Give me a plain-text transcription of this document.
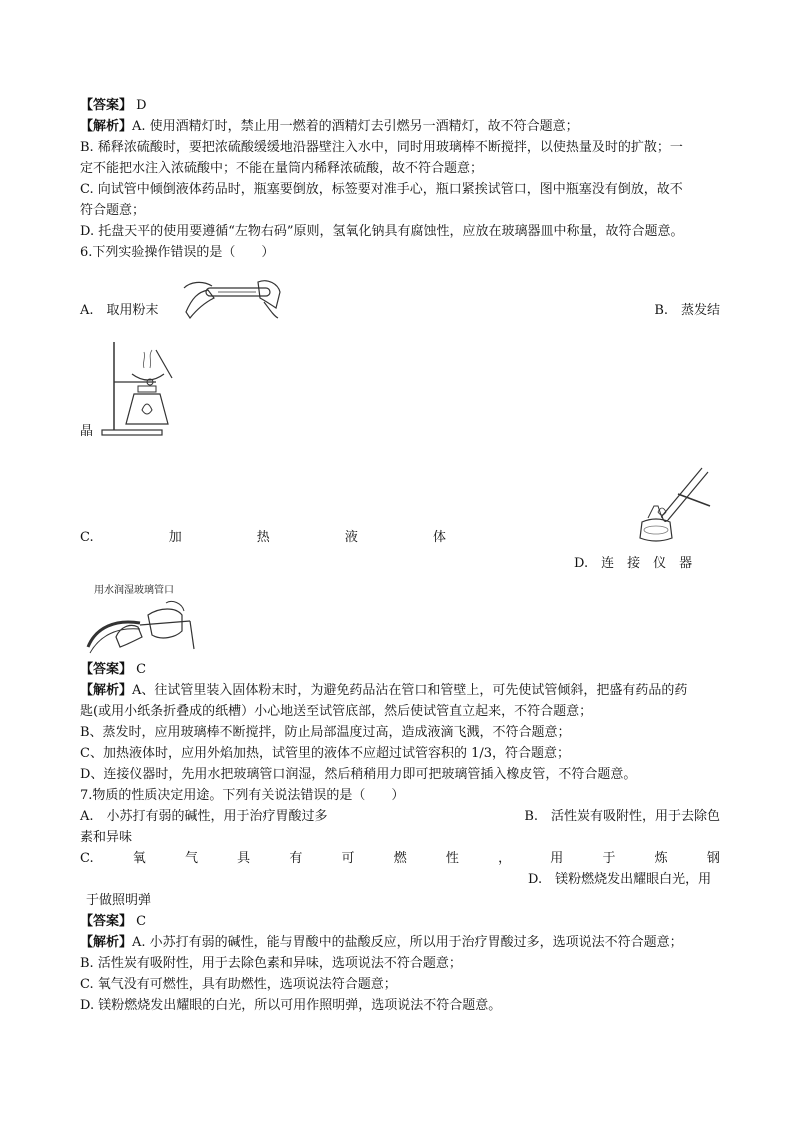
【答案】 D
【解析】A. 使用酒精灯时，禁止用一燃着的酒精灯去引燃另一酒精灯，故不符合题意；
B. 稀释浓硫酸时，要把浓硫酸缓缓地沿器壁注入水中，同时用玻璃棒不断搅拌，以使热量及时的扩散；一
定不能把水注入浓硫酸中；不能在量筒内稀释浓硫酸，故不符合题意；
C. 向试管中倾倒液体药品时，瓶塞要倒放，标签要对准手心，瓶口紧挨试管口，图中瓶塞没有倒放，故不
符合题意；
D. 托盘天平的使用要遵循“左物右码”原则，氢氧化钠具有腐蚀性，应放在玻璃器皿中称量，故符合题意。
6.下列实验操作错误的是（　　）
A.　取用粉末	B.　蒸发结
晶
C.	加	热	液	体
D.　连　接　仪　器
用水润湿玻璃管口
【答案】 C
【解析】A、往试管里装入固体粉末时，为避免药品沾在管口和管壁上，可先使试管倾斜，把盛有药品的药
匙(或用小纸条折叠成的纸槽）小心地送至试管底部，然后使试管直立起来，不符合题意；
B、蒸发时，应用玻璃棒不断搅拌，防止局部温度过高，造成液滴飞溅，不符合题意；
C、加热液体时，应用外焰加热，试管里的液体不应超过试管容积的 1/3，符合题意；
D、连接仪器时，先用水把玻璃管口润湿，然后稍稍用力即可把玻璃管插入橡皮管，不符合题意。
7.物质的性质决定用途。下列有关说法错误的是（　　）
A.　小苏打有弱的碱性，用于治疗胃酸过多	B.　活性炭有吸附性，用于去除色
素和异味
C.	氧	气	具	有	可	燃	性	，	用	于	炼	钢
D.　镁粉燃烧发出耀眼白光，用
于做照明弹
【答案】 C
【解析】A. 小苏打有弱的碱性，能与胃酸中的盐酸反应，所以用于治疗胃酸过多，选项说法不符合题意；
B. 活性炭有吸附性，用于去除色素和异味，选项说法不符合题意；
C. 氧气没有可燃性，具有助燃性，选项说法符合题意；
D. 镁粉燃烧发出耀眼的白光，所以可用作照明弹，选项说法不符合题意。
